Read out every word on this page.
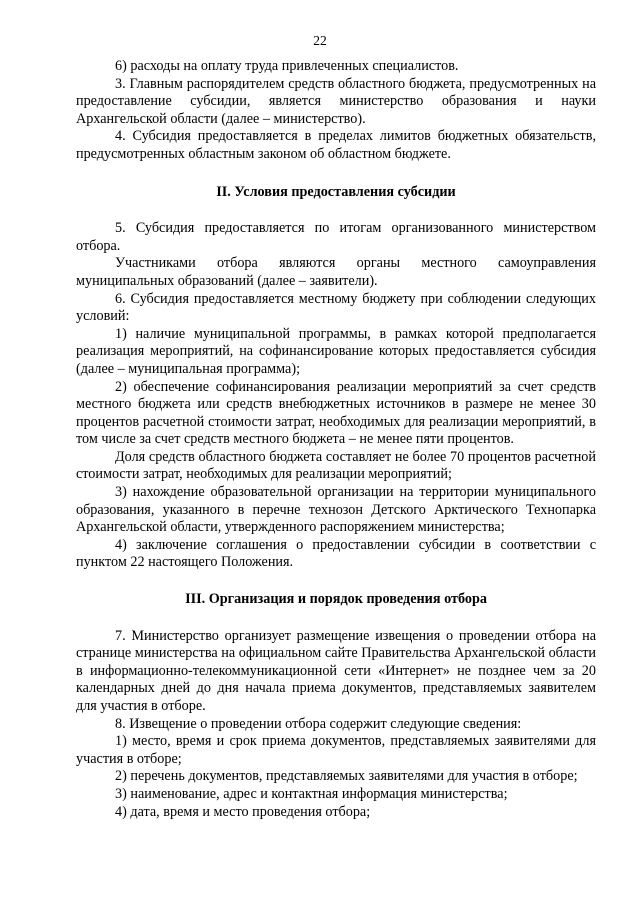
22

6) расходы на оплату труда привлеченных специалистов.

3. Главным распорядителем средств областного бюджета, предусмотренных на предоставление субсидии, является министерство образования и науки Архангельской области (далее – министерство).

4. Субсидия предоставляется в пределах лимитов бюджетных обязательств, предусмотренных областным законом об областном бюджете.

II. Условия предоставления субсидии

5. Субсидия предоставляется по итогам организованного министерством отбора.

Участниками отбора являются органы местного самоуправления муниципальных образований (далее – заявители).

6. Субсидия предоставляется местному бюджету при соблюдении следующих условий:

1) наличие муниципальной программы, в рамках которой предполагается реализация мероприятий, на софинансирование которых предоставляется субсидия (далее – муниципальная программа);

2) обеспечение софинансирования реализации мероприятий за счет средств местного бюджета или средств внебюджетных источников в размере не менее 30 процентов расчетной стоимости затрат, необходимых для реализации мероприятий, в том числе за счет средств местного бюджета – не менее пяти процентов.

Доля средств областного бюджета составляет не более 70 процентов расчетной стоимости затрат, необходимых для реализации мероприятий;

3) нахождение образовательной организации на территории муниципального образования, указанного в перечне технозон Детского Арктического Технопарка Архангельской области, утвержденного распоряжением министерства;

4) заключение соглашения о предоставлении субсидии в соответствии с пунктом 22 настоящего Положения.

III. Организация и порядок проведения отбора

7. Министерство организует размещение извещения о проведении отбора на странице министерства на официальном сайте Правительства Архангельской области в информационно-телекоммуникационной сети «Интернет» не позднее чем за 20 календарных дней до дня начала приема документов, представляемых заявителем для участия в отборе.

8. Извещение о проведении отбора содержит следующие сведения:

1) место, время и срок приема документов, представляемых заявителями для участия в отборе;

2) перечень документов, представляемых заявителями для участия в отборе;

3) наименование, адрес и контактная информация министерства;

4) дата, время и место проведения отбора;
